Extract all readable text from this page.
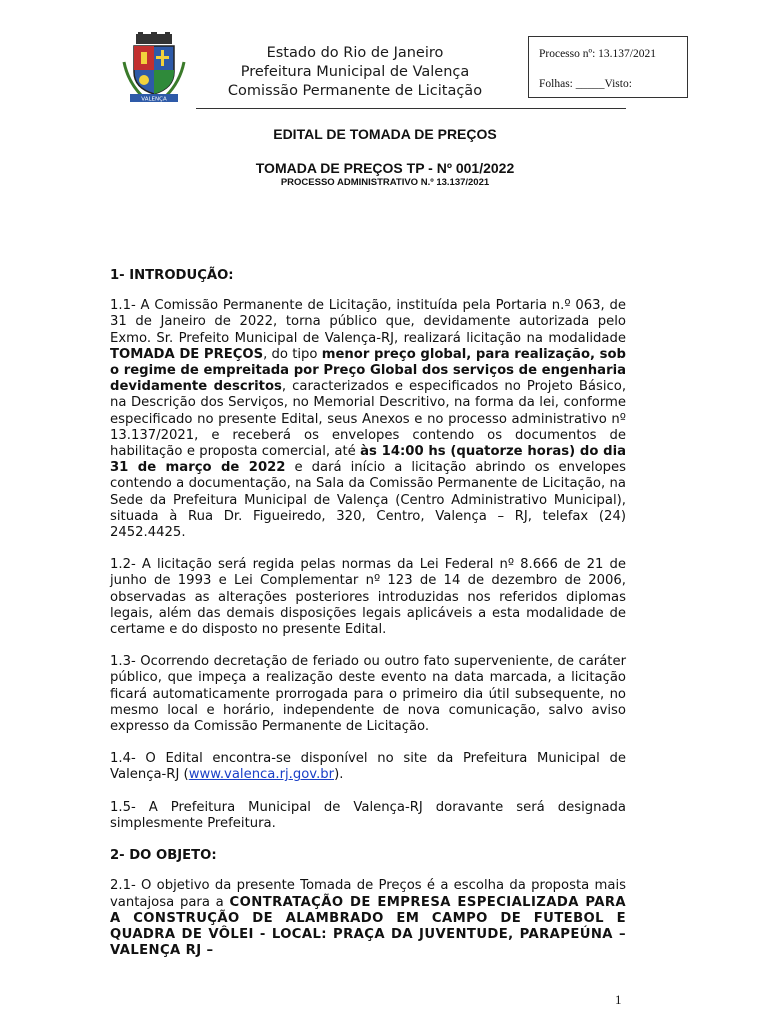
VALENÇA
Estado do Rio de Janeiro
Prefeitura Municipal de Valença
Comissão Permanente de Licitação
Processo nº: 13.137/2021
Folhas: _____Visto:
EDITAL DE TOMADA DE PREÇOS
TOMADA DE PREÇOS TP - Nº 001/2022
PROCESSO ADMINISTRATIVO N.º 13.137/2021
1- INTRODUÇÃO:

1.1- A Comissão Permanente de Licitação, instituída pela Portaria n.º 063, de 31 de Janeiro de 2022, torna público que, devidamente autorizada pelo Exmo. Sr. Prefeito Municipal de Valença-RJ, realizará licitação na modalidade TOMADA DE PREÇOS, do tipo menor preço global, para realização, sob o regime de empreitada por Preço Global dos serviços de engenharia devidamente descritos, caracterizados e especificados no Projeto Básico, na Descrição dos Serviços, no Memorial Descritivo, na forma da lei, conforme especificado no presente Edital, seus Anexos e no processo administrativo nº 13.137/2021, e receberá os envelopes contendo os documentos de habilitação e proposta comercial, até às 14:00 hs (quatorze horas) do dia 31 de março de 2022 e dará início a licitação abrindo os envelopes contendo a documentação, na Sala da Comissão Permanente de Licitação, na Sede da Prefeitura Municipal de Valença (Centro Administrativo Municipal), situada à Rua Dr. Figueiredo, 320, Centro, Valença – RJ, telefax (24) 2452.4425.

1.2- A licitação será regida pelas normas da Lei Federal nº 8.666 de 21 de junho de 1993 e Lei Complementar nº 123 de 14 de dezembro de 2006, observadas as alterações posteriores introduzidas nos referidos diplomas legais, além das demais disposições legais aplicáveis a esta modalidade de certame e do disposto no presente Edital.

1.3- Ocorrendo decretação de feriado ou outro fato superveniente, de caráter público, que impeça a realização deste evento na data marcada, a licitação ficará automaticamente prorrogada para o primeiro dia útil subsequente, no mesmo local e horário, independente de nova comunicação, salvo aviso expresso da Comissão Permanente de Licitação.

1.4- O Edital encontra-se disponível no site da Prefeitura Municipal de Valença-RJ (www.valenca.rj.gov.br).

1.5- A Prefeitura Municipal de Valença-RJ doravante será designada simplesmente Prefeitura.

2- DO OBJETO:

2.1- O objetivo da presente Tomada de Preços é a escolha da proposta mais vantajosa para a CONTRATAÇÃO DE EMPRESA ESPECIALIZADA PARA A CONSTRUÇÃO DE ALAMBRADO EM CAMPO DE FUTEBOL E QUADRA DE VÔLEI - LOCAL: PRAÇA DA JUVENTUDE, PARAPEÚNA – VALENÇA RJ –

1
